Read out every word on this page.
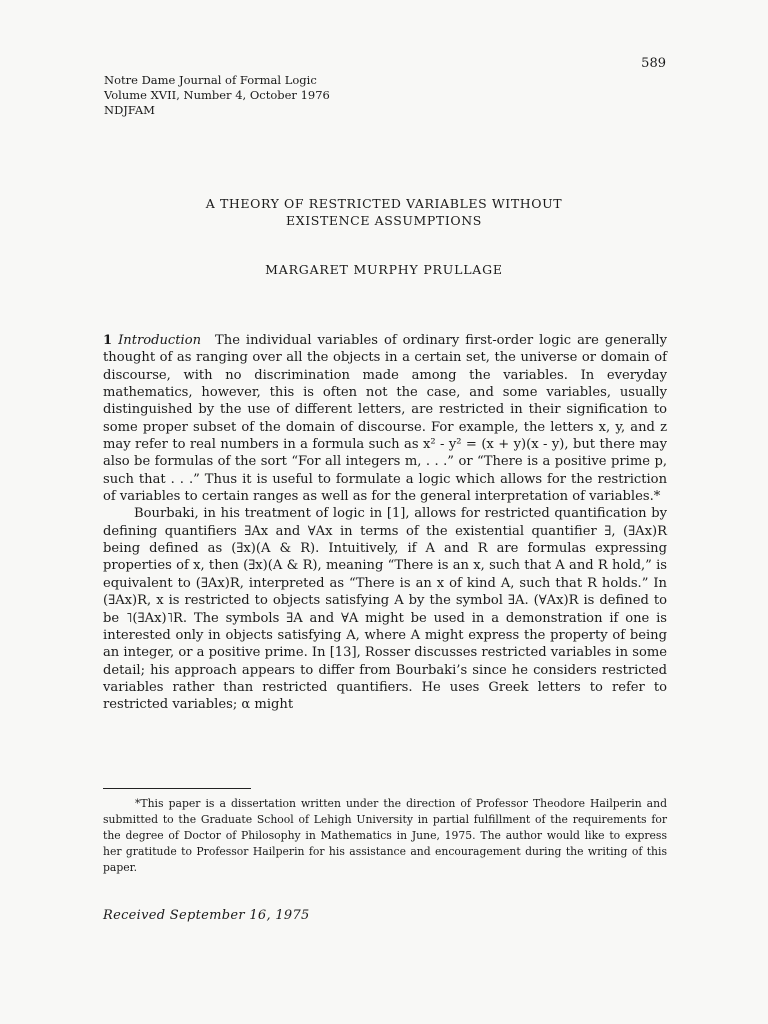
589
Notre Dame Journal of Formal Logic
Volume XVII, Number 4, October 1976
NDJFAM
A THEORY OF RESTRICTED VARIABLES WITHOUT
EXISTENCE ASSUMPTIONS
MARGARET MURPHY PRULLAGE

1 Introduction The individual variables of ordinary first-order logic are generally thought of as ranging over all the objects in a certain set, the universe or domain of discourse, with no discrimination made among the variables. In everyday mathematics, however, this is often not the case, and some variables, usually distinguished by the use of different letters, are restricted in their signification to some proper subset of the domain of discourse. For example, the letters x, y, and z may refer to real numbers in a formula such as x² - y² = (x + y)(x - y), but there may also be formulas of the sort “For all integers m, . . .” or “There is a positive prime p, such that . . .” Thus it is useful to formulate a logic which allows for the restriction of variables to certain ranges as well as for the general interpretation of variables.*

Bourbaki, in his treatment of logic in [1], allows for restricted quantification by defining quantifiers ∃Ax and ∀Ax in terms of the existential quantifier ∃, (∃Ax)R being defined as (∃x)(A & R). Intuitively, if A and R are formulas expressing properties of x, then (∃x)(A & R), meaning “There is an x, such that A and R hold,” is equivalent to (∃Ax)R, interpreted as “There is an x of kind A, such that R holds.” In (∃Ax)R, x is restricted to objects satisfying A by the symbol ∃A. (∀Ax)R is defined to be ˥(∃Ax)˥R. The symbols ∃A and ∀A might be used in a demonstration if one is interested only in objects satisfying A, where A might express the property of being an integer, or a positive prime. In [13], Rosser discusses restricted variables in some detail; his approach appears to differ from Bourbaki’s since he considers restricted variables rather than restricted quantifiers. He uses Greek letters to refer to restricted variables; α might

*This paper is a dissertation written under the direction of Professor Theodore Hailperin and submitted to the Graduate School of Lehigh University in partial fulfillment of the requirements for the degree of Doctor of Philosophy in Mathematics in June, 1975. The author would like to express her gratitude to Professor Hailperin for his assistance and encouragement during the writing of this paper.

Received September 16, 1975
